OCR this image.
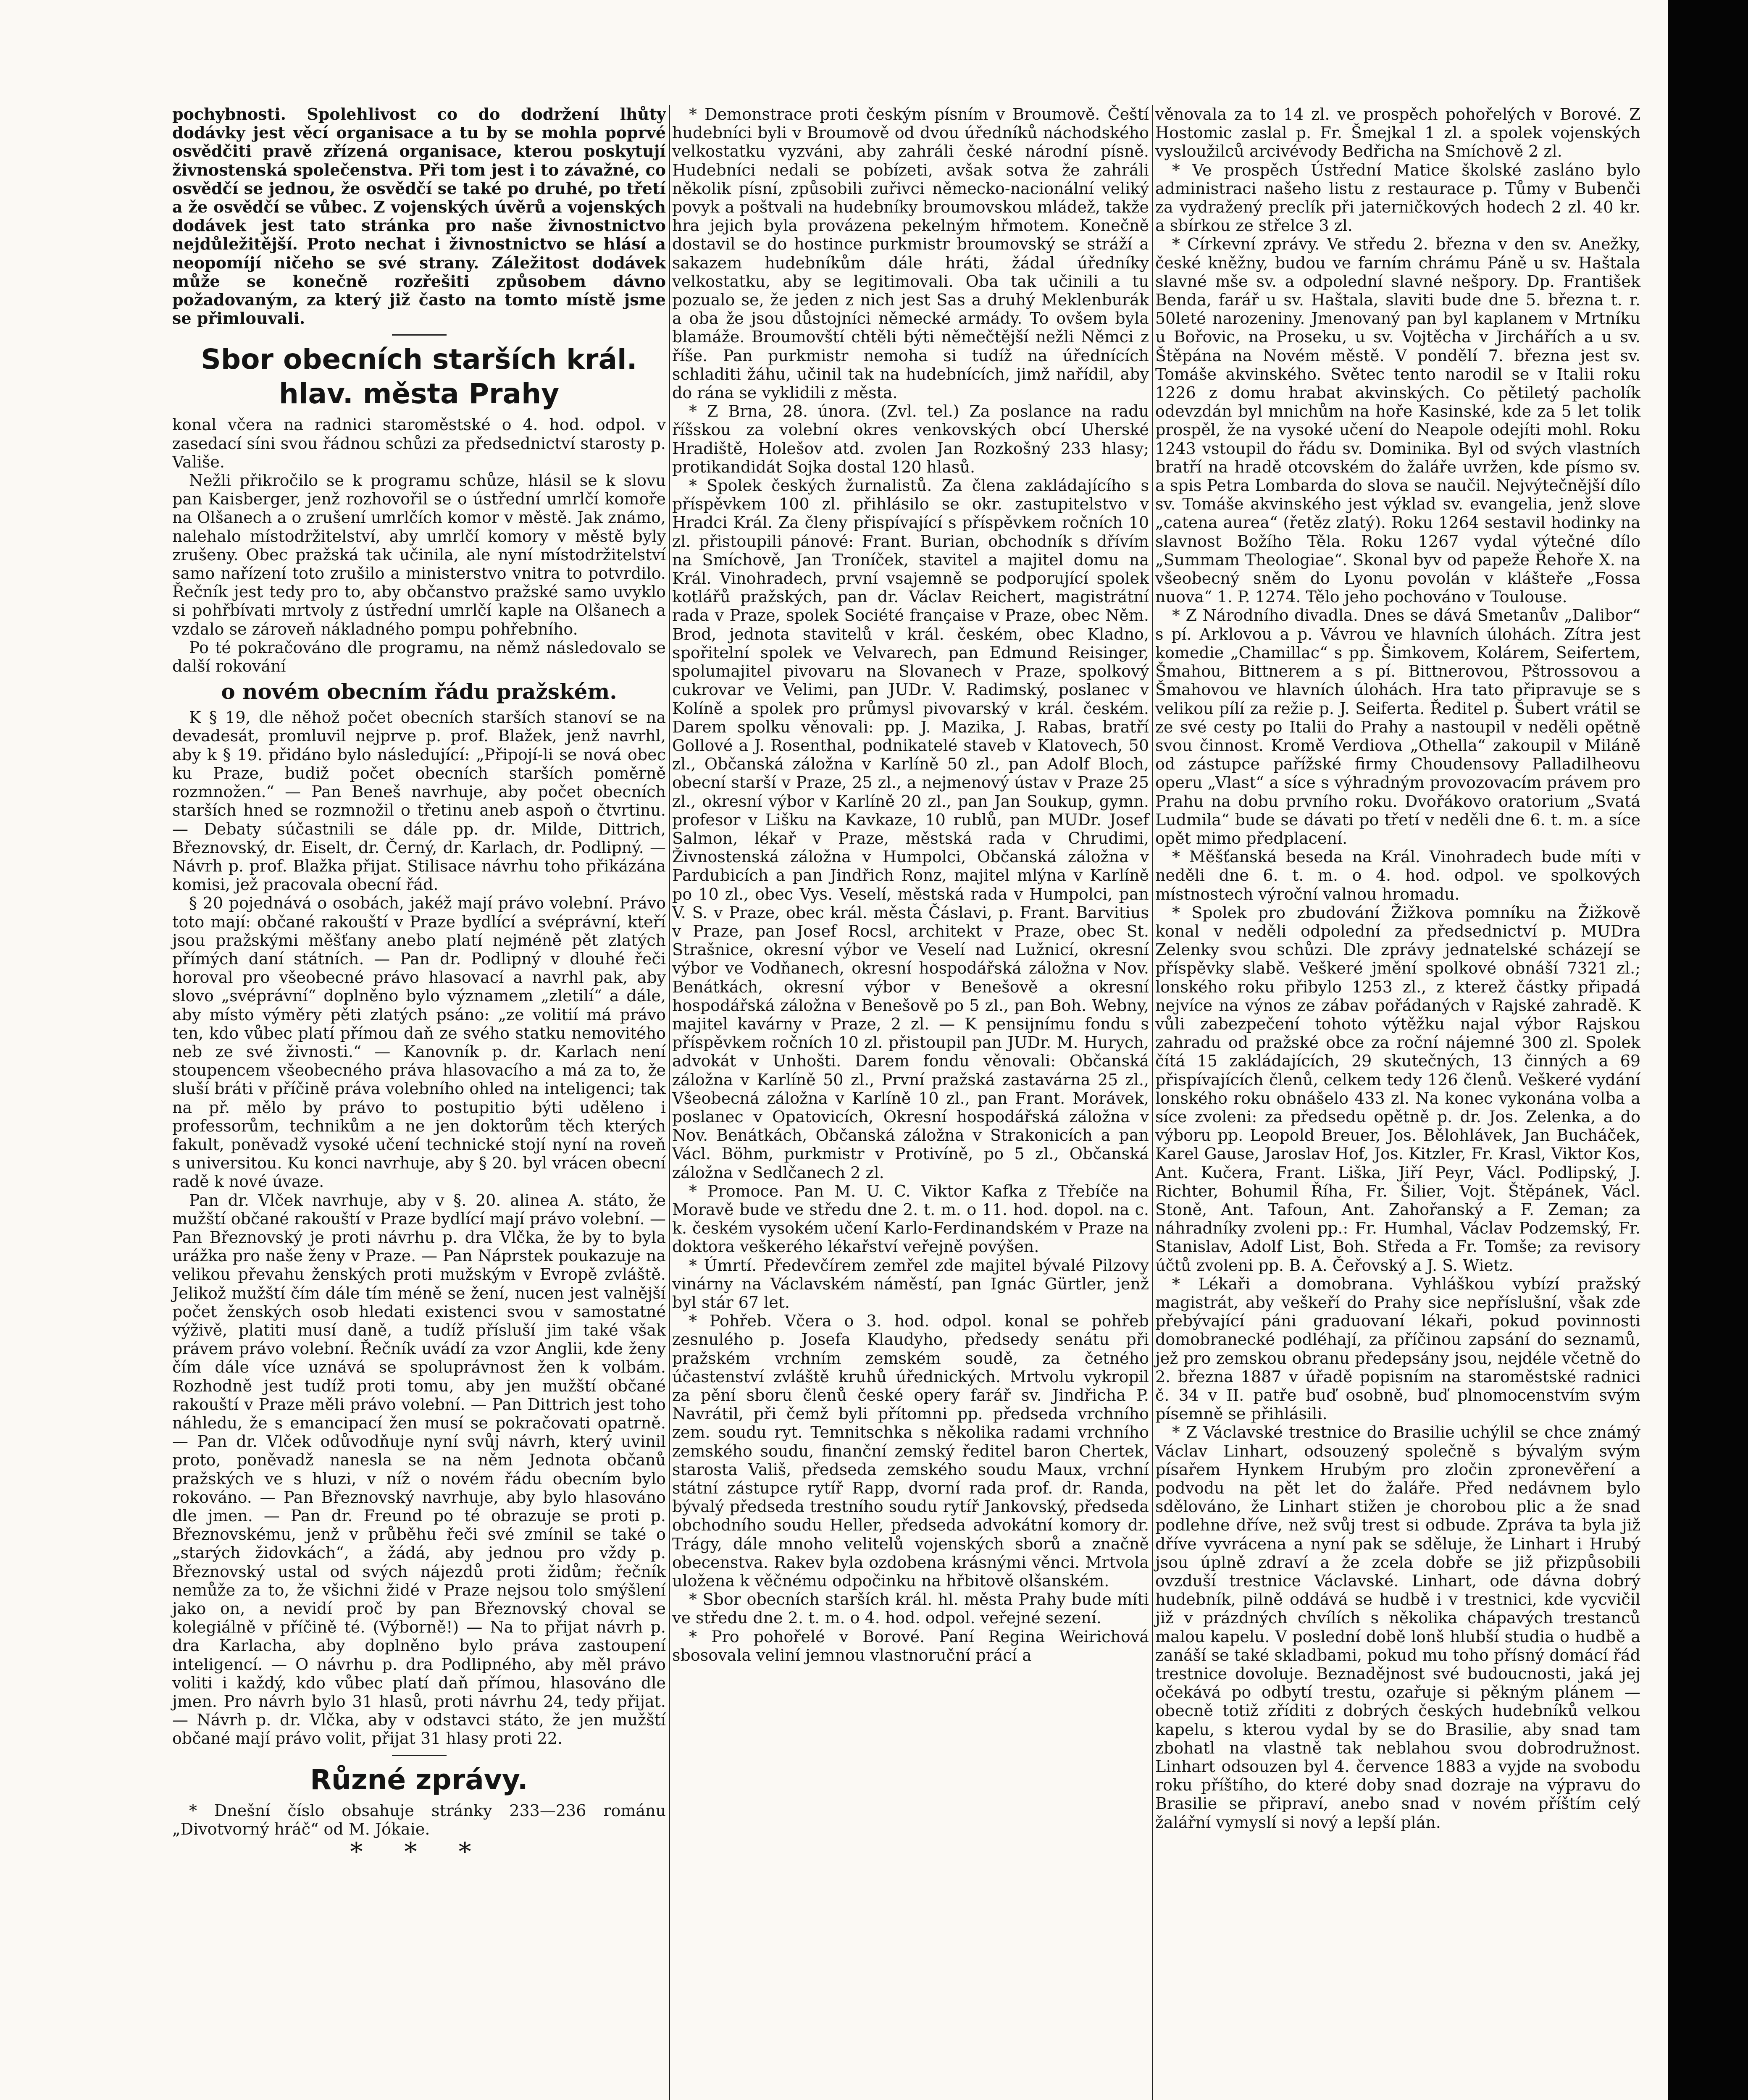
pochybnosti. Spolehlivost co do dodržení lhůty dodávky jest věcí organisace a tu by se mohla poprvé osvědčiti pravě zřízená organisace, kterou poskytují živnostenská společenstva. Při tom jest i to závažné, co osvědčí se jednou, že osvědčí se také po druhé, po třetí a že osvědčí se vůbec. Z vojenských úvěrů a vojenských dodávek jest tato stránka pro naše živnostnictvo nejdůležitější. Proto nechat i živnostnictvo se hlásí a neopomíjí ničeho se své strany. Záležitost dodávek může se konečně rozřešiti způsobem dávno požadovaným, za který již často na tomto místě jsme se přimlouvali.

Sbor obecních starších král. hlav. města Prahy

konal včera na radnici staroměstské o 4. hod. odpol. v zasedací síni svou řádnou schůzi za předsednictví starosty p. Vališe.

Nežli přikročilo se k programu schůze, hlásil se k slovu pan Kaisberger, jenž rozhovořil se o ústřední umrlčí komoře na Olšanech a o zrušení umrlčích komor v městě. Jak známo, nalehalo místodržitelství, aby umrlčí komory v městě byly zrušeny. Obec pražská tak učinila, ale nyní místodržitelství samo nařízení toto zrušilo a ministerstvo vnitra to potvrdilo. Řečník jest tedy pro to, aby občanstvo pražské samo uvyklo si pohřbívati mrtvoly z ústřední umrlčí kaple na Olšanech a vzdalo se zároveň nákladného pompu pohřebního.

Po té pokračováno dle programu, na němž následovalo se další rokování

o novém obecním řádu pražském.

K § 19, dle něhož počet obecních starších stanoví se na devadesát, promluvil nejprve p. prof. Blažek, jenž navrhl, aby k § 19. přidáno bylo následující: „Připojí-li se nová obec ku Praze, budiž počet obecních starších poměrně rozmnožen.“ — Pan Beneš navrhuje, aby počet obecních starších hned se rozmnožil o třetinu aneb aspoň o čtvrtinu. — Debaty súčastnili se dále pp. dr. Milde, Dittrich, Březnovský, dr. Eiselt, dr. Černý, dr. Karlach, dr. Podlipný. — Návrh p. prof. Blažka přijat. Stilisace návrhu toho přikázána komisi, jež pracovala obecní řád.

§ 20 pojednává o osobách, jakéž mají právo volební. Právo toto mají: občané rakouští v Praze bydlící a svéprávní, kteří jsou pražskými měšťany anebo platí nejméně pět zlatých přímých daní státních. — Pan dr. Podlipný v dlouhé řeči horoval pro všeobecné právo hlasovací a navrhl pak, aby slovo „svéprávní“ doplněno bylo významem „zletilí“ a dále, aby místo výměry pěti zlatých psáno: „ze volitií má právo ten, kdo vůbec platí přímou daň ze svého statku nemovitého neb ze své živnosti.“ — Kanovník p. dr. Karlach není stoupencem všeobecného práva hlasovacího a má za to, že sluší bráti v příčině práva volebního ohled na inteligenci; tak na př. mělo by právo to postupitio býti uděleno i professorům, technikům a ne jen doktorům těch kterých fakult, poněvadž vysoké učení technické stojí nyní na roveň s universitou. Ku konci navrhuje, aby § 20. byl vrácen obecní radě k nové úvaze.

Pan dr. Vlček navrhuje, aby v §. 20. alinea A. státo, že mužští občané rakouští v Praze bydlící mají právo volební. — Pan Březnovský je proti návrhu p. dra Vlčka, že by to byla urážka pro naše ženy v Praze. — Pan Náprstek poukazuje na velikou převahu ženských proti mužským v Evropě zvláště. Jelikož mužští čím dále tím méně se žení, nucen jest valnější počet ženských osob hledati existenci svou v samostatné výživě, platiti musí daně, a tudíž přísluší jim také však právem právo volební. Řečník uvádí za vzor Anglii, kde ženy čím dále více uznává se spoluprávnost žen k volbám. Rozhodně jest tudíž proti tomu, aby jen mužští občané rakouští v Praze měli právo volební. — Pan Dittrich jest toho náhledu, že s emancipací žen musí se pokračovati opatrně. — Pan dr. Vlček odůvodňuje nyní svůj návrh, který uvinil proto, poněvadž nanesla se na něm Jednota občanů pražských ve s hluzi, v níž o novém řádu obecním bylo rokováno. — Pan Březnovský navrhuje, aby bylo hlasováno dle jmen. — Pan dr. Freund po té obrazuje se proti p. Březnovskému, jenž v průběhu řeči své zmínil se také o „starých židovkách“, a žádá, aby jednou pro vždy p. Březnovský ustal od svých nájezdů proti židům; řečník nemůže za to, že všichni židé v Praze nejsou tolo smýšlení jako on, a nevidí proč by pan Březnovský choval se kolegiálně v příčině té. (Výborně!) — Na to přijat návrh p. dra Karlacha, aby doplněno bylo práva zastoupení inteligencí. — O návrhu p. dra Podlipného, aby měl právo voliti i každý, kdo vůbec platí daň přímou, hlasováno dle jmen. Pro návrh bylo 31 hlasů, proti návrhu 24, tedy přijat. — Návrh p. dr. Vlčka, aby v odstavci státo, že jen mužští občané mají právo volit, přijat 31 hlasy proti 22.

Různé zprávy.

* Dnešní číslo obsahuje stránky 233—236 románu „Divotvorný hráč“ od M. Jókaie.

* * *

* Demonstrace proti českým písním v Broumově. Čeští hudebníci byli v Broumově od dvou úředníků náchodského velkostatku vyzváni, aby zahráli české národní písně. Hudebníci nedali se pobízeti, avšak sotva že zahráli několik písní, způsobili zuřivci německo-nacionální veliký povyk a poštvali na hudebníky broumovskou mládež, takže hra jejich byla provázena pekelným hřmotem. Konečně dostavil se do hostince purkmistr broumovský se stráží a sakazem hudebníkům dále hráti, žádal úředníky velkostatku, aby se legitimovali. Oba tak učinili a tu pozualo se, že jeden z nich jest Sas a druhý Meklenburák a oba že jsou důstojníci německé armády. To ovšem byla blamáže. Broumovští chtěli býti němečtější nežli Němci z říše. Pan purkmistr nemoha si tudíž na úřednících schladiti žáhu, učinil tak na hudebnících, jimž nařídil, aby do rána se vyklidili z města.

* Z Brna, 28. února. (Zvl. tel.) Za poslance na radu říšskou za volební okres venkovských obcí Uherské Hradiště, Holešov atd. zvolen Jan Rozkošný 233 hlasy; protikandidát Sojka dostal 120 hlasů.

* Spolek českých žurnalistů. Za člena zakládajícího s příspěvkem 100 zl. přihlásilo se okr. zastupitelstvo v Hradci Král. Za členy přispívající s příspěvkem ročních 10 zl. přistoupili pánové: Frant. Burian, obchodník s dřívím na Smíchově, Jan Troníček, stavitel a majitel domu na Král. Vinohradech, první vsajemně se podporující spolek kotlářů pražských, pan dr. Václav Reichert, magistrátní rada v Praze, spolek Société française v Praze, obec Něm. Brod, jednota stavitelů v král. českém, obec Kladno, spořitelní spolek ve Velvarech, pan Edmund Reisinger, spolumajitel pivovaru na Slovanech v Praze, spolkový cukrovar ve Velimi, pan JUDr. V. Radimský, poslanec v Kolíně a spolek pro průmysl pivovarský v král. českém. Darem spolku věnovali: pp. J. Mazika, J. Rabas, bratří Gollové a J. Rosenthal, podnikatelé staveb v Klatovech, 50 zl., Občanská záložna v Karlíně 50 zl., pan Adolf Bloch, obecní starší v Praze, 25 zl., a nejmenový ústav v Praze 25 zl., okresní výbor v Karlíně 20 zl., pan Jan Soukup, gymn. profesor v Lišku na Kavkaze, 10 rublů, pan MUDr. Josef Salmon, lékař v Praze, městská rada v Chrudimi, Živnostenská záložna v Humpolci, Občanská záložna v Pardubicích a pan Jindřich Ronz, majitel mlýna v Karlíně po 10 zl., obec Vys. Veselí, městská rada v Humpolci, pan V. S. v Praze, obec král. města Čáslavi, p. Frant. Barvitius v Praze, pan Josef Rocsl, architekt v Praze, obec St. Strašnice, okresní výbor ve Veselí nad Lužnicí, okresní výbor ve Vodňanech, okresní hospodářská záložna v Nov. Benátkách, okresní výbor v Benešově a okresní hospodářská záložna v Benešově po 5 zl., pan Boh. Webny, majitel kavárny v Praze, 2 zl. — K pensijnímu fondu s příspěvkem ročních 10 zl. přistoupil pan JUDr. M. Hurych, advokát v Unhošti. Darem fondu věnovali: Občanská záložna v Karlíně 50 zl., První pražská zastavárna 25 zl., Všeobecná záložna v Karlíně 10 zl., pan Frant. Morávek, poslanec v Opatovicích, Okresní hospodářská záložna v Nov. Benátkách, Občanská záložna v Strakonicích a pan Václ. Böhm, purkmistr v Protivíně, po 5 zl., Občanská záložna v Sedlčanech 2 zl.

* Promoce. Pan M. U. C. Viktor Kafka z Třebíče na Moravě bude ve středu dne 2. t. m. o 11. hod. dopol. na c. k. českém vysokém učení Karlo-Ferdinandském v Praze na doktora veškerého lékařství veřejně povýšen.

* Úmrtí. Předevčírem zemřel zde majitel bývalé Pilzovy vinárny na Václavském náměstí, pan Ignác Gürtler, jenž byl stár 67 let.

* Pohřeb. Včera o 3. hod. odpol. konal se pohřeb zesnulého p. Josefa Klaudyho, předsedy senátu při pražském vrchním zemském soudě, za četného účastenství zvláště kruhů úřednických. Mrtvolu vykropil za pění sboru členů české opery farář sv. Jindřicha P. Navrátil, při čemž byli přítomni pp. předseda vrchního zem. soudu ryt. Temnitschka s několika radami vrchního zemského soudu, finanční zemský ředitel baron Chertek, starosta Vališ, předseda zemského soudu Maux, vrchní státní zástupce rytíř Rapp, dvorní rada prof. dr. Randa, bývalý předseda trestního soudu rytíř Jankovský, předseda obchodního soudu Heller, předseda advokátní komory dr. Trágy, dále mnoho velitelů vojenských sborů a značně obecenstva. Rakev byla ozdobena krásnými věnci. Mrtvola uložena k věčnému odpočinku na hřbitově olšanském.

* Sbor obecních starších král. hl. města Prahy bude míti ve středu dne 2. t. m. o 4. hod. odpol. veřejné sezení.

* Pro pohořelé v Borové. Paní Regina Weirichová sbosovala veliní jemnou vlastnoruční prácí a

věnovala za to 14 zl. ve prospěch pohořelých v Borové. Z Hostomic zaslal p. Fr. Šmejkal 1 zl. a spolek vojenských vysloužilců arcivévody Bedřicha na Smíchově 2 zl.

* Ve prospěch Ústřední Matice školské zasláno bylo administraci našeho listu z restaurace p. Tůmy v Bubenči za vydražený preclík při jaterničkových hodech 2 zl. 40 kr. a sbírkou ze střelce 3 zl.

* Církevní zprávy. Ve středu 2. března v den sv. Anežky, české kněžny, budou ve farním chrámu Páně u sv. Haštala slavné mše sv. a odpolední slavné nešpory. Dp. František Benda, farář u sv. Haštala, slaviti bude dne 5. března t. r. 50leté narozeniny. Jmenovaný pan byl kaplanem v Mrtníku u Bořovic, na Proseku, u sv. Vojtěcha v Jirchářích a u sv. Štěpána na Novém městě. V pondělí 7. března jest sv. Tomáše akvinského. Světec tento narodil se v Italii roku 1226 z domu hrabat akvinských. Co pětiletý pacholík odevzdán byl mnichům na hoře Kasinské, kde za 5 let tolik prospěl, že na vysoké učení do Neapole odejíti mohl. Roku 1243 vstoupil do řádu sv. Dominika. Byl od svých vlastních bratří na hradě otcovském do žaláře uvržen, kde písmo sv. a spis Petra Lombarda do slova se naučil. Nejvýtečnější dílo sv. Tomáše akvinského jest výklad sv. evangelia, jenž slove „catena aurea“ (řetěz zlatý). Roku 1264 sestavil hodinky na slavnost Božího Těla. Roku 1267 vydal výtečné dílo „Summam Theologiae“. Skonal byv od papeže Řehoře X. na všeobecný sněm do Lyonu povolán v klášteře „Fossa nuova“ 1. P. 1274. Tělo jeho pochováno v Toulouse.

* Z Národního divadla. Dnes se dává Smetanův „Dalibor“ s pí. Arklovou a p. Vávrou ve hlavních úlohách. Zítra jest komedie „Chamillac“ s pp. Šimkovem, Kolárem, Seifertem, Šmahou, Bittnerem a s pí. Bittnerovou, Pštrossovou a Šmahovou ve hlavních úlohách. Hra tato připravuje se s velikou pílí za režie p. J. Seiferta. Ředitel p. Šubert vrátil se ze své cesty po Italii do Prahy a nastoupil v neděli opětně svou činnost. Kromě Verdiova „Othella“ zakoupil v Miláně od zástupce pařížské firmy Choudensovy Palladilheovu operu „Vlast“ a síce s výhradným provozovacím právem pro Prahu na dobu prvního roku. Dvořákovo oratorium „Svatá Ludmila“ bude se dávati po třetí v neděli dne 6. t. m. a síce opět mimo předplacení.

* Měšťanská beseda na Král. Vinohradech bude míti v neděli dne 6. t. m. o 4. hod. odpol. ve spolkových místnostech výroční valnou hromadu.

* Spolek pro zbudování Žižkova pomníku na Žižkově konal v neděli odpolední za předsednictví p. MUDra Zelenky svou schůzi. Dle zprávy jednatelské scházejí se příspěvky slabě. Veškeré jmění spolkové obnáší 7321 zl.; lonského roku přibylo 1253 zl., z kterež částky připadá nejvíce na výnos ze zábav pořádaných v Rajské zahradě. K vůli zabezpečení tohoto výtěžku najal výbor Rajskou zahradu od pražské obce za roční nájemné 300 zl. Spolek čítá 15 zakládajících, 29 skutečných, 13 činných a 69 přispívajících členů, celkem tedy 126 členů. Veškeré vydání lonského roku obnášelo 433 zl. Na konec vykonána volba a síce zvoleni: za předsedu opětně p. dr. Jos. Zelenka, a do výboru pp. Leopold Breuer, Jos. Bělohlávek, Jan Bucháček, Karel Gause, Jaroslav Hof, Jos. Kitzler, Fr. Krasl, Viktor Kos, Ant. Kučera, Frant. Liška, Jiří Peyr, Václ. Podlipský, J. Richter, Bohumil Říha, Fr. Šilier, Vojt. Štěpánek, Václ. Stoně, Ant. Tafoun, Ant. Zahořanský a F. Zeman; za náhradníky zvoleni pp.: Fr. Humhal, Václav Podzemský, Fr. Stanislav, Adolf List, Boh. Středa a Fr. Tomše; za revisory účtů zvoleni pp. B. A. Čeřovský a J. S. Wietz.

* Lékaři a domobrana. Vyhláškou vybízí pražský magistrát, aby veškeří do Prahy sice nepříslušní, však zde přebývající páni graduovaní lékaři, pokud povinnosti domobranecké podléhají, za příčinou zapsání do seznamů, jež pro zemskou obranu předepsány jsou, nejdéle včetně do 2. března 1887 v úřadě popisním na staroměstské radnici č. 34 v II. patře buď osobně, buď plnomocenstvím svým písemně se přihlásili.

* Z Václavské trestnice do Brasilie uchýlil se chce známý Václav Linhart, odsouzený společně s bývalým svým písařem Hynkem Hrubým pro zločin zpronevěření a podvodu na pět let do žaláře. Před nedávnem bylo sdělováno, že Linhart stižen je chorobou plic a že snad podlehne dříve, než svůj trest si odbude. Zpráva ta byla již dříve vyvrácena a nyní pak se sděluje, že Linhart i Hrubý jsou úplně zdraví a že zcela dobře se již přizpůsobili ovzduší trestnice Václavské. Linhart, ode dávna dobrý hudebník, pilně oddává se hudbě i v trestnici, kde vycvičil již v prázdných chvílích s několika chápavých trestanců malou kapelu. V poslední době lonš hlubší studia o hudbě a zanáší se také skladbami, pokud mu toho přísný domácí řád trestnice dovoluje. Beznadějnost své budoucnosti, jaká jej očekává po odbytí trestu, ozařuje si pěkným plánem — obecně totiž zříditi z dobrých českých hudebníků velkou kapelu, s kterou vydal by se do Brasilie, aby snad tam zbohatl na vlastně tak neblahou svou dobrodružnost. Linhart odsouzen byl 4. července 1883 a vyjde na svobodu roku příštího, do které doby snad dozraje na výpravu do Brasilie se připraví, anebo snad v novém příštím celý žalářní vymyslí si nový a lepší plán.
